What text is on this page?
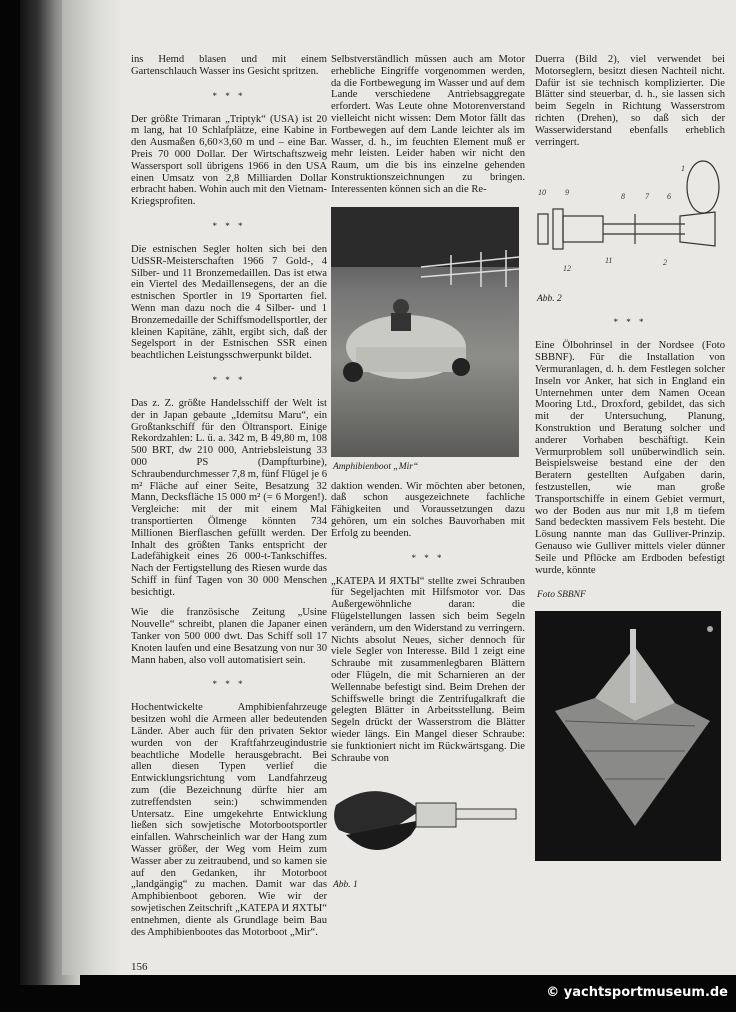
ins Hemd blasen und mit einem Gartenschlauch Wasser ins Gesicht spritzen.

* * *

Der größte Trimaran „Triptyk“ (USA) ist 20 m lang, hat 10 Schlafplätze, eine Kabine in den Ausmaßen 6,60×3,60 m und – eine Bar. Preis 70 000 Dollar. Der Wirtschaftszweig Wassersport soll übrigens 1966 in den USA einen Umsatz von 2,8 Milliarden Dollar erbracht haben. Wohin auch mit den Vietnam-Kriegsprofiten.

* * *

Die estnischen Segler holten sich bei den UdSSR-Meisterschaften 1966 7 Gold-, 4 Silber- und 11 Bronzemedaillen. Das ist etwa ein Viertel des Medaillensegens, der an die estnischen Sportler in 19 Sportarten fiel. Wenn man dazu noch die 4 Silber- und 1 Bronzemedaille der Schiffsmodellsportler, der kleinen Kapitäne, zählt, ergibt sich, daß der Segelsport in der Estnischen SSR einen beachtlichen Leistungsschwerpunkt bildet.

* * *

Das z. Z. größte Handelsschiff der Welt ist der in Japan gebaute „Idemitsu Maru“, ein Großtankschiff für den Öltransport. Einige Rekordzahlen: L. ü. a. 342 m, B 49,80 m, 108 500 BRT, dw 210 000, Antriebsleistung 33 000 PS (Dampfturbine), Schraubendurchmesser 7,8 m, fünf Flügel je 6 m² Fläche auf einer Seite, Besatzung 32 Mann, Decksfläche 15 000 m² (= 6 Morgen!). Vergleiche: mit der mit einem Mal transportierten Ölmenge könnten 734 Millionen Bierflaschen gefüllt werden. Der Inhalt des größten Tanks entspricht der Ladefähigkeit eines 26 000-t-Tankschiffes. Nach der Fertigstellung des Riesen wurde das Schiff in fünf Tagen von 30 000 Menschen besichtigt.

Wie die französische Zeitung „Usine Nouvelle“ schreibt, planen die Japaner einen Tanker von 500 000 dwt. Das Schiff soll 17 Knoten laufen und eine Besatzung von nur 30 Mann haben, also voll automatisiert sein.

* * *

Hochentwickelte Amphibienfahrzeuge besitzen wohl die Armeen aller bedeutenden Länder. Aber auch für den privaten Sektor wurden von der Kraftfahrzeugindustrie beachtliche Modelle herausgebracht. Bei allen diesen Typen verlief die Entwicklungsrichtung vom Landfahrzeug zum (die Bezeichnung dürfte hier am zutreffendsten sein:) schwimmenden Untersatz. Eine umgekehrte Entwicklung ließen sich sowjetische Motorbootsportler einfallen. Wahrscheinlich war der Hang zum Wasser größer, der Weg vom Heim zum Wasser aber zu zeitraubend, und so kamen sie auf den Gedanken, ihr Motorboot „landgängig“ zu machen. Damit war das Amphibienboot geboren. Wie wir der sowjetischen Zeitschrift „KATEPA И ЯХТЫ“ entnehmen, diente als Grundlage beim Bau des Amphibienbootes das Motorboot „Mir“.

156

Selbstverständlich müssen auch am Motor erhebliche Eingriffe vorgenommen werden, da die Fortbewegung im Wasser und auf dem Lande verschiedene Antriebsaggregate erfordert. Was Leute ohne Motorenverstand vielleicht nicht wissen: Dem Motor fällt das Fortbewegen auf dem Lande leichter als im Wasser, d. h., im feuchten Element muß er mehr leisten. Leider haben wir nicht den Raum, um die bis ins einzelne gehenden Konstruktionszeichnungen zu bringen. Interessenten können sich an die Re-

Amphibienboot „Mir“

daktion wenden. Wir möchten aber betonen, daß schon ausgezeichnete fachliche Fähigkeiten und Voraussetzungen dazu gehören, um ein solches Bauvorhaben mit Erfolg zu beenden.

* * *

„KATEPA И ЯХТЫ“ stellte zwei Schrauben für Segeljachten mit Hilfsmotor vor. Das Außergewöhnliche daran: die Flügelstellungen lassen sich beim Segeln verändern, um den Widerstand zu verringern. Nichts absolut Neues, sicher dennoch für viele Segler von Interesse. Bild 1 zeigt eine Schraube mit zusammenlegbaren Blättern oder Flügeln, die mit Scharnieren an der Wellennabe befestigt sind. Beim Drehen der Schiffswelle bringt die Zentrifugalkraft die gelegten Blätter in Arbeitsstellung. Beim Segeln drückt der Wasserstrom die Blätter wieder längs. Ein Mangel dieser Schraube: sie funktioniert nicht im Rückwärtsgang. Die Schraube von

Abb. 1

Duerra (Bild 2), viel verwendet bei Motorseglern, besitzt diesen Nachteil nicht. Dafür ist sie technisch komplizierter. Die Blätter sind steuerbar, d. h., sie lassen sich beim Segeln in Richtung Wasserstrom richten (Drehen), so daß sich der Wasserwiderstand ebenfalls erheblich verringert.

1
10 9	8	7 6
12
11	2
Abb. 2
* * *

Eine Ölbohrinsel in der Nordsee (Foto SBBNF). Für die Installation von Vermuranlagen, d. h. dem Festlegen solcher Inseln vor Anker, hat sich in England ein Unternehmen unter dem Namen Ocean Mooring Ltd., Droxford, gebildet, das sich mit der Untersuchung, Planung, Konstruktion und Beratung solcher und anderer Vorhaben beschäftigt. Kein Vermurproblem soll unüberwindlich sein. Beispielsweise bestand eine der den Beratern gestellten Aufgaben darin, festzustellen, wie man große Transportschiffe in einem Gebiet vermurt, wo der Boden aus nur mit 1,8 m tiefem Sand bedeckten massivem Fels besteht. Die Lösung nannte man das Gulliver-Prinzip. Genauso wie Gulliver mittels vieler dünner Seile und Pflöcke am Erdboden befestigt wurde, könnte

Foto SBBNF
© yachtsportmuseum.de
